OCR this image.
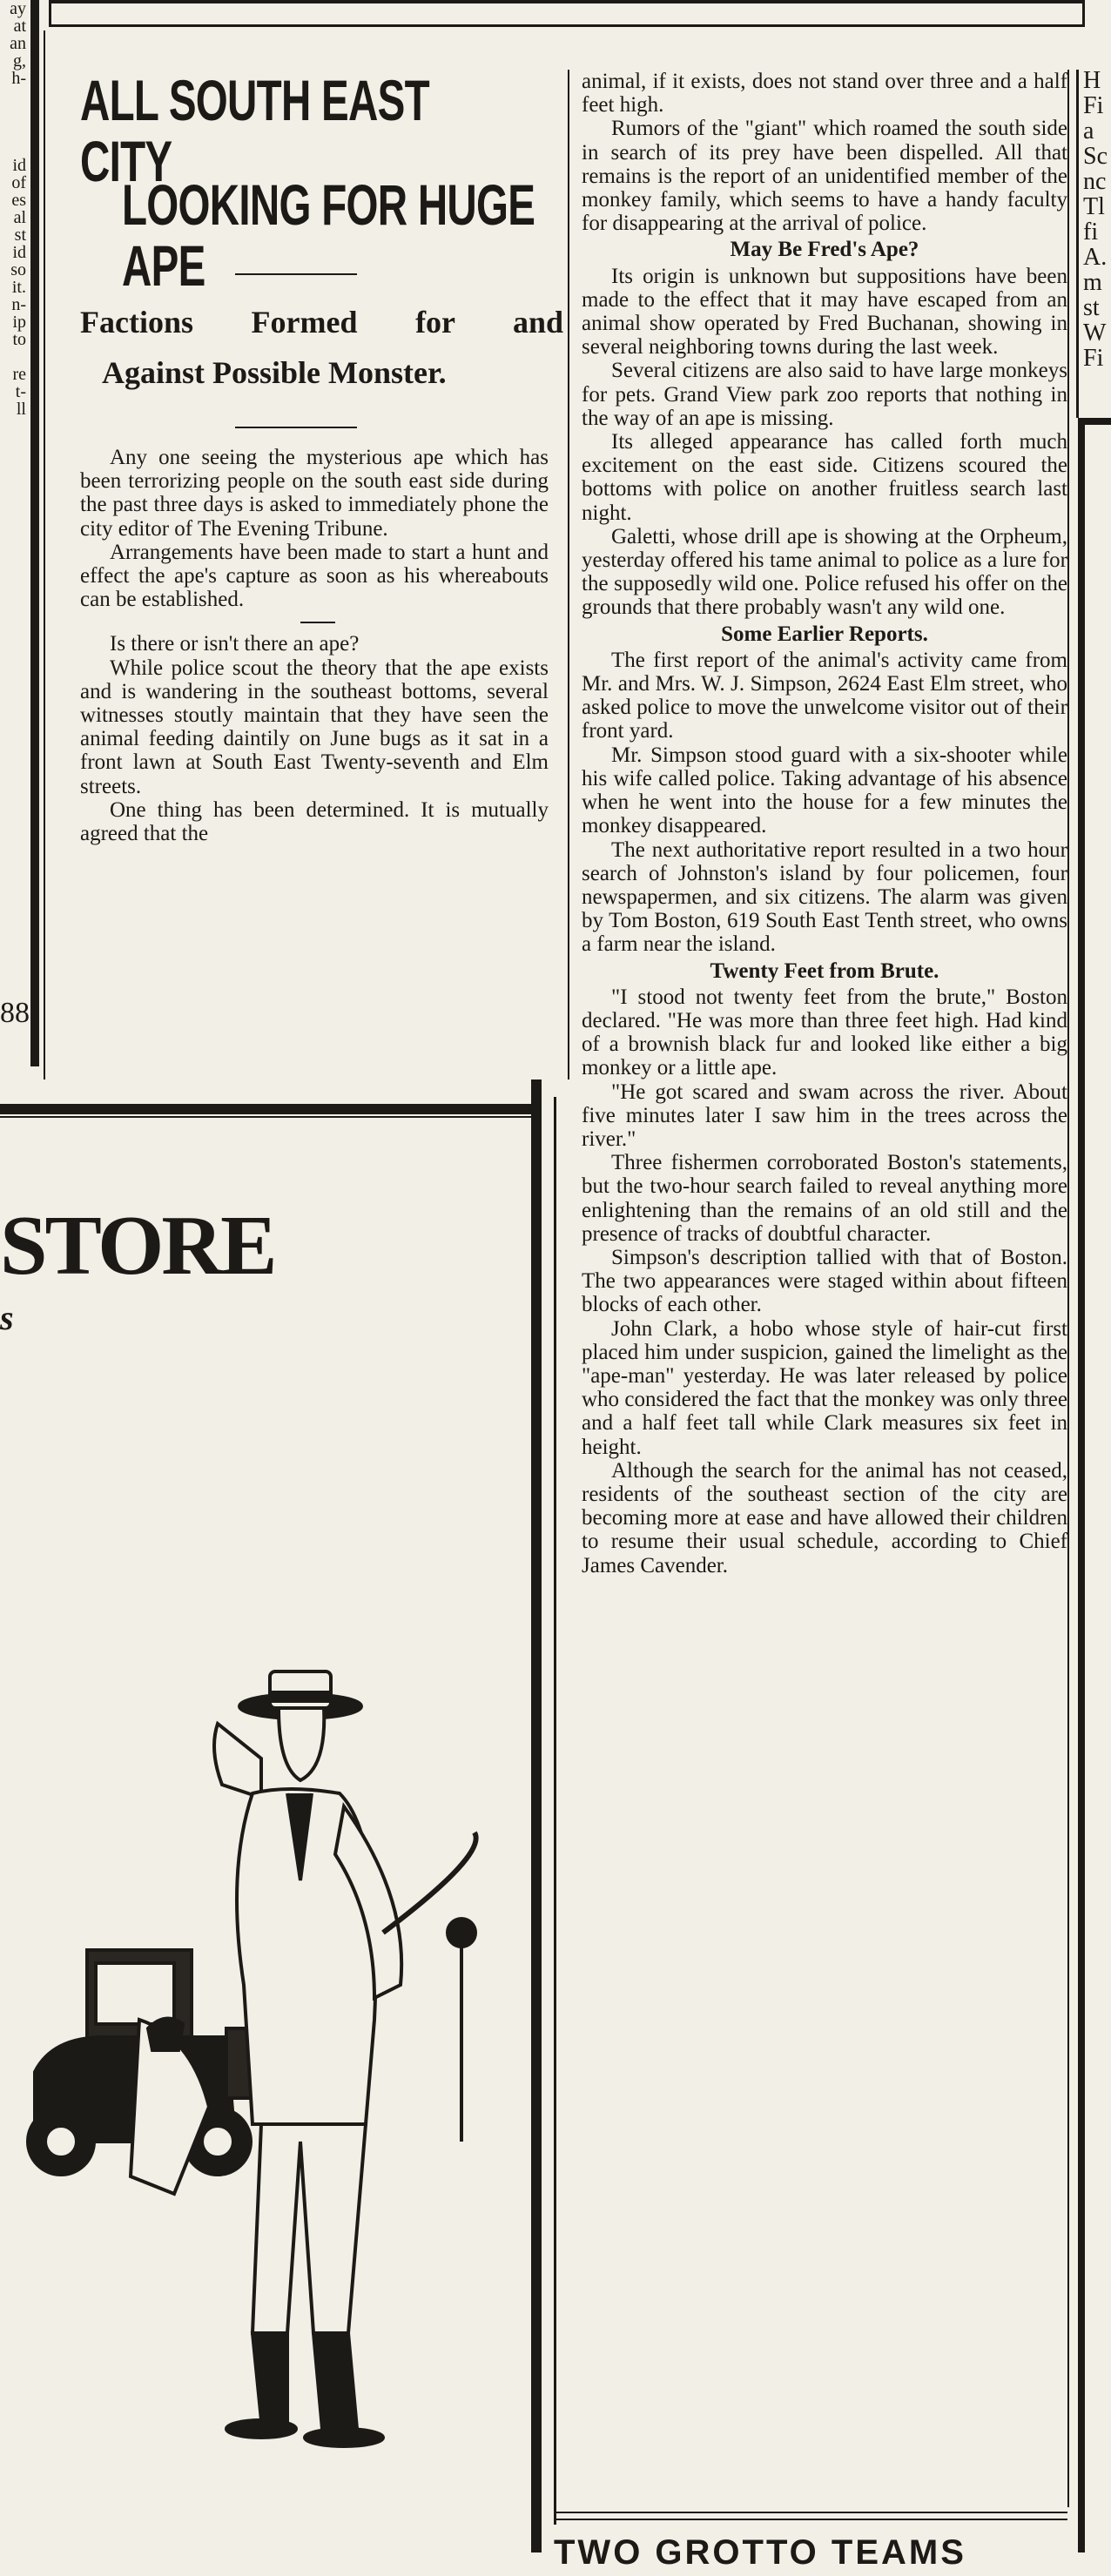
ay
at
an
g,
h-

id
of
es
al
st
id
so
it.
n-
ip
to

re
t-
ll
88
ALL SOUTH EAST CITY
LOOKING FOR HUGE APE
Factions Formed for and
Against Possible Monster.

Any one seeing the mysterious ape which has been terrorizing people on the south east side during the past three days is asked to immediately phone the city editor of The Evening Tribune.

Arrangements have been made to start a hunt and effect the ape's capture as soon as his whereabouts can be established.

Is there or isn't there an ape?

While police scout the theory that the ape exists and is wandering in the southeast bottoms, several witnesses stoutly maintain that they have seen the animal feeding daintily on June bugs as it sat in a front lawn at South East Twenty-seventh and Elm streets.

One thing has been determined. It is mutually agreed that the

animal, if it exists, does not stand over three and a half feet high.

Rumors of the "giant" which roamed the south side in search of its prey have been dispelled. All that remains is the report of an unidentified member of the monkey family, which seems to have a handy faculty for disappearing at the arrival of police.

May Be Fred's Ape?

Its origin is unknown but suppositions have been made to the effect that it may have escaped from an animal show operated by Fred Buchanan, showing in several neighboring towns during the last week.

Several citizens are also said to have large monkeys for pets. Grand View park zoo reports that nothing in the way of an ape is missing.

Its alleged appearance has called forth much excitement on the east side. Citizens scoured the bottoms with police on another fruitless search last night.

Galetti, whose drill ape is showing at the Orpheum, yesterday offered his tame animal to police as a lure for the supposedly wild one. Police refused his offer on the grounds that there probably wasn't any wild one.

Some Earlier Reports.

The first report of the animal's activity came from Mr. and Mrs. W. J. Simpson, 2624 East Elm street, who asked police to move the unwelcome visitor out of their front yard.

Mr. Simpson stood guard with a six-shooter while his wife called police. Taking advantage of his absence when he went into the house for a few minutes the monkey disappeared.

The next authoritative report resulted in a two hour search of Johnston's island by four policemen, four newspapermen, and six citizens. The alarm was given by Tom Boston, 619 South East Tenth street, who owns a farm near the island.

Twenty Feet from Brute.

"I stood not twenty feet from the brute," Boston declared. "He was more than three feet high. Had kind of a brownish black fur and looked like either a big monkey or a little ape.

"He got scared and swam across the river. About five minutes later I saw him in the trees across the river."

Three fishermen corroborated Boston's statements, but the two-hour search failed to reveal anything more enlightening than the remains of an old still and the presence of tracks of doubtful character.

Simpson's description tallied with that of Boston. The two appearances were staged within about fifteen blocks of each other.

John Clark, a hobo whose style of hair-cut first placed him under suspicion, gained the limelight as the "ape-man" yesterday. He was later released by police who considered the fact that the monkey was only three and a half feet tall while Clark measures six feet in height.

Although the search for the animal has not ceased, residents of the southeast section of the city are becoming more at ease and have allowed their children to resume their usual schedule, according to Chief James Cavender.

H
Fi
a
Sc
nc
Tl
fi
A.
m
st
W
Fi
STORE
s
TWO GROTTO TEAMS
